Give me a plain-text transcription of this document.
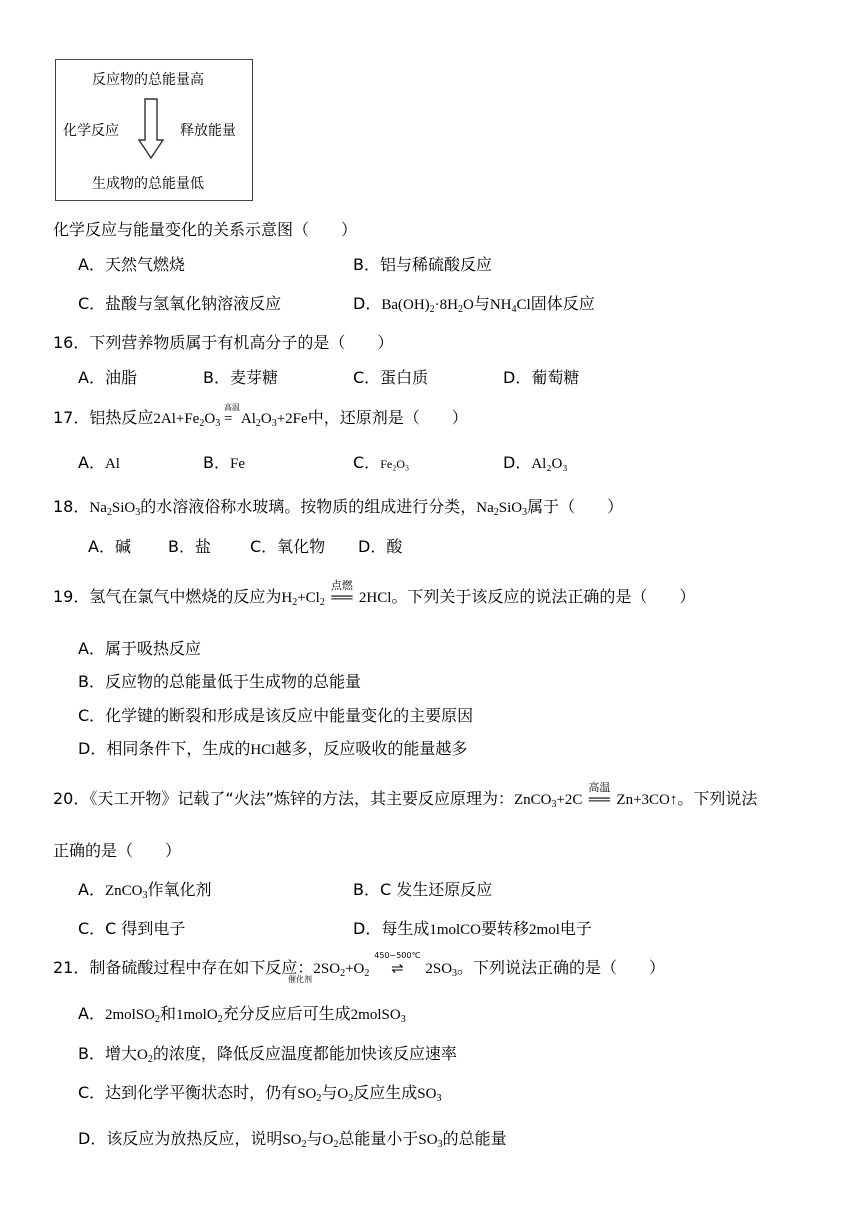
反应物的总能量高
化学反应	释放能量
生成物的总能量低
化学反应与能量变化的关系示意图（　　）
A．天然气燃烧	B．铝与稀硫酸反应
C．盐酸与氢氧化钠溶液反应	D．$Ba(OH)_2\cdot 8H_2O$与$NH_4Cl$固体反应
16．下列营养物质属于有机高分子的是（　　）
A．油脂	B．麦芽糖	C．蛋白质	D．葡萄糖
17．铝热反应$2Al+Fe_2O_3$
高温
= $Al_2O_3+2Fe$中，还原剂是（　　）
A．Al	B．Fe	C．Fe₂O₃	D．Al₂O₃
18．$Na_2SiO_3$的水溶液俗称水玻璃。按物质的组成进行分类，$Na_2SiO_3$属于（　　）
A．碱 B．盐 C．氧化物 D．酸
19．氢气在氯气中燃烧的反应为$H_2+Cl_2$
点燃
══ 2HCl。下列关于该反应的说法正确的是（　　）
A．属于吸热反应
B．反应物的总能量低于生成物的总能量
C．化学键的断裂和形成是该反应中能量变化的主要原因
D．相同条件下，生成的HCl越多，反应吸收的能量越多
20．《天工开物》记载了“火法”炼锌的方法，其主要反应原理为：ZnCO$_3$+2C
高温
══ Zn+3CO↑。下列说法
正确的是（　　）
A．ZnCO$_3$作氧化剂	B．C 发生还原反应
C．C 得到电子	D．每生成1molCO要转移2mol电子
21．制备硫酸过程中存在如下反应：$2SO_2+O_2$
450~500℃
⇌ $2SO_3$。下列说法正确的是（　　）
催化剂
A．2molSO$_2$和1molO$_2$充分反应后可生成2molSO$_3$
B．增大$O_2$的浓度，降低反应温度都能加快该反应速率
C．达到化学平衡状态时，仍有$SO_2$与$O_2$反应生成$SO_3$
D．该反应为放热反应，说明$SO_2$与$O_2$总能量小于$SO_3$的总能量
